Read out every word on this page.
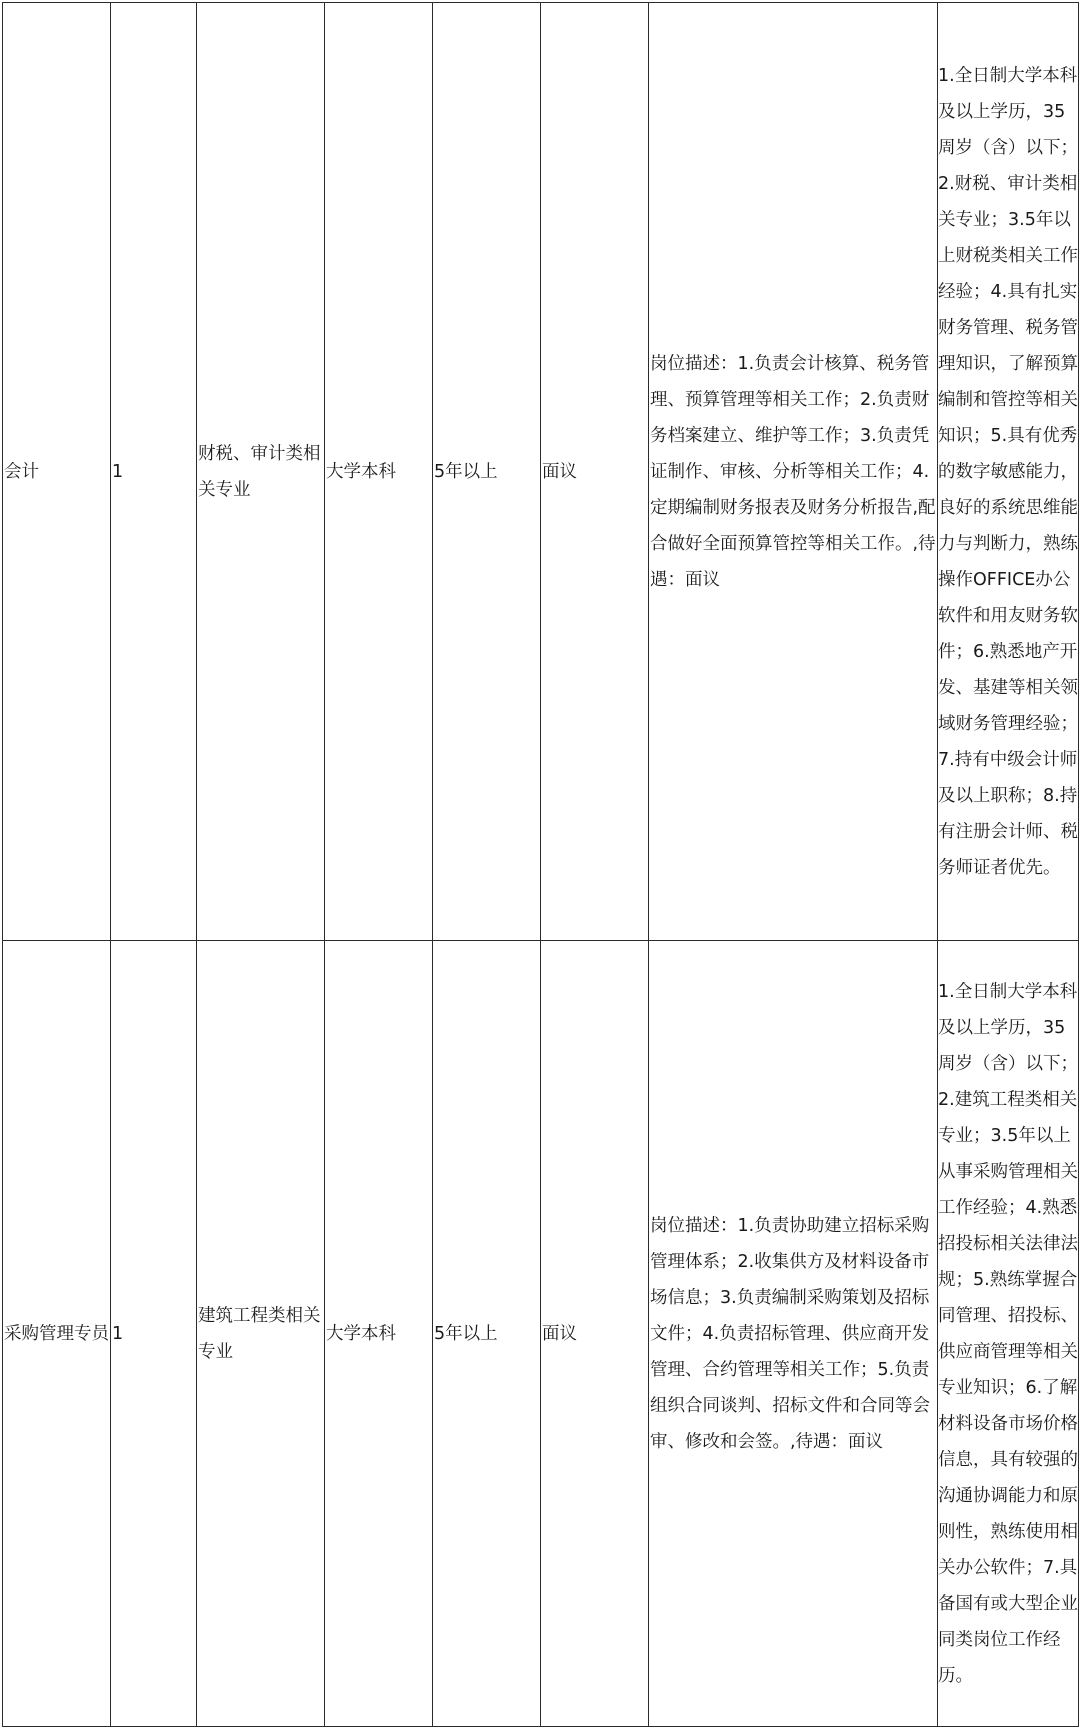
会计	1	财税、审计类相关专业	大学本科	5年以上	面议	岗位描述：1.负责会计核算、税务管理、预算管理等相关工作；2.负责财务档案建立、维护等工作；3.负责凭证制作、审核、分析等相关工作；4.定期编制财务报表及财务分析报告,配合做好全面预算管控等相关工作。,待遇：面议	1.全日制大学本科及以上学历，35周岁（含）以下； 2.财税、审计类相关专业；3.5年以上财税类相关工作经验；4.具有扎实财务管理、税务管理知识，了解预算编制和管控等相关知识；5.具有优秀的数字敏感能力，良好的系统思维能力与判断力，熟练操作OFFICE办公软件和用友财务软件；6.熟悉地产开发、基建等相关领域财务管理经验；7.持有中级会计师及以上职称；8.持有注册会计师、税务师证者优先。
采购管理专员	1	建筑工程类相关专业	大学本科	5年以上	面议	岗位描述：1.负责协助建立招标采购管理体系；2.收集供方及材料设备市场信息；3.负责编制采购策划及招标文件；4.负责招标管理、供应商开发管理、合约管理等相关工作；5.负责组织合同谈判、招标文件和合同等会审、修改和会签。,待遇：面议	1.全日制大学本科及以上学历，35周岁（含）以下； 2.建筑工程类相关专业；3.5年以上从事采购管理相关工作经验；4.熟悉招投标相关法律法规；5.熟练掌握合同管理、招投标、供应商管理等相关专业知识；6.了解材料设备市场价格信息，具有较强的沟通协调能力和原则性，熟练使用相关办公软件；7.具备国有或大型企业同类岗位工作经历。
